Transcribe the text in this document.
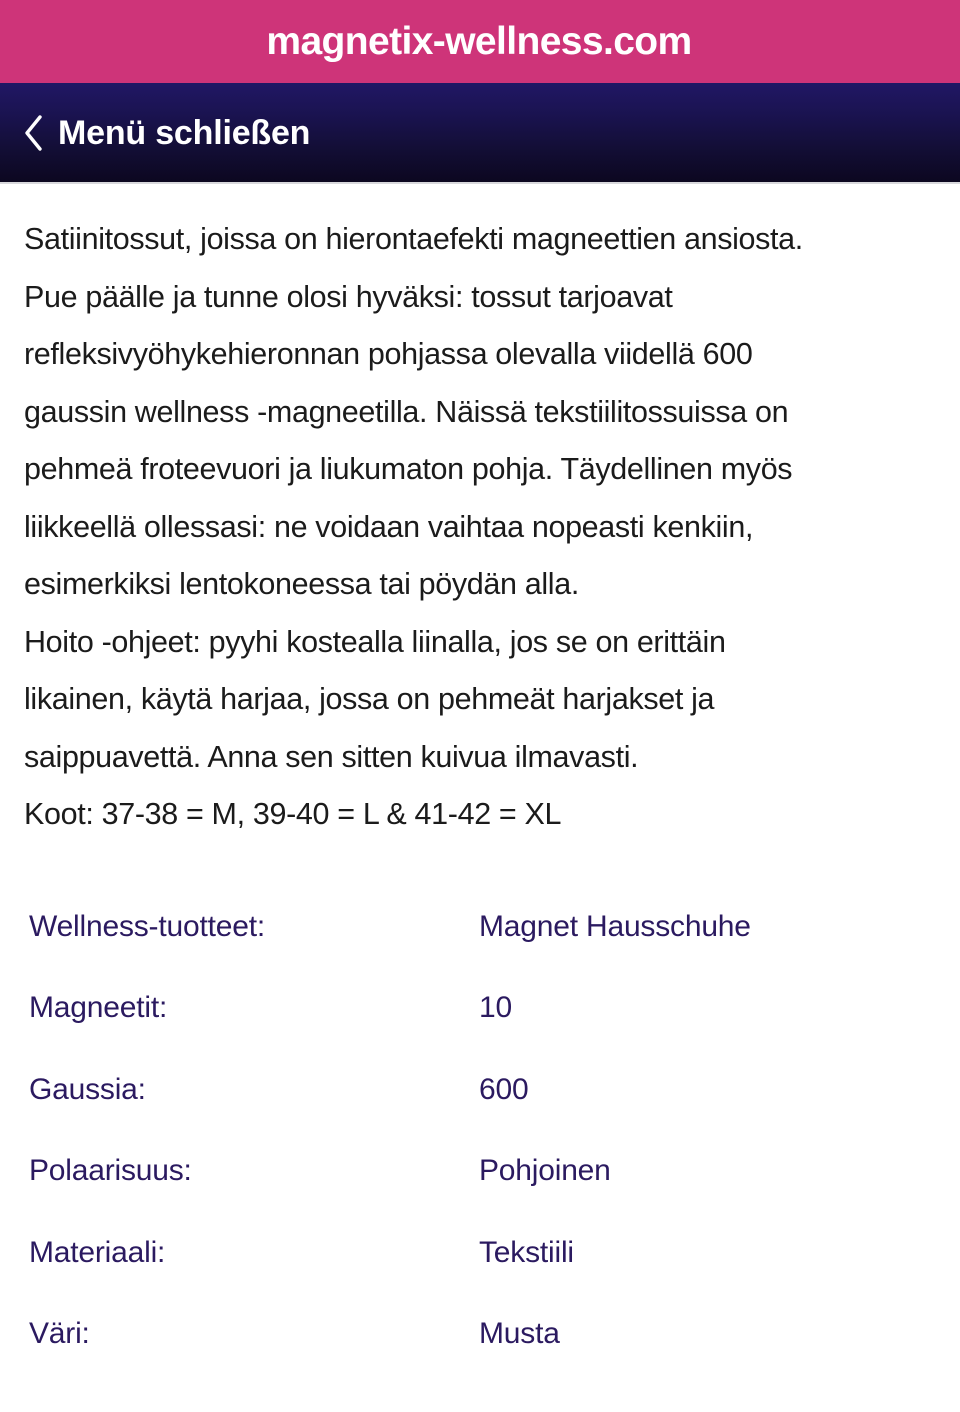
magnetix-wellness.com
Menü schließen

Satiinitossut, joissa on hierontaefekti magneettien ansiosta.
Pue päälle ja tunne olosi hyväksi: tossut tarjoavat
refleksivyöhykehieronnan pohjassa olevalla viidellä 600
gaussin wellness -magneetilla. Näissä tekstiilitossuissa on
pehmeä froteevuori ja liukumaton pohja. Täydellinen myös
liikkeellä ollessasi: ne voidaan vaihtaa nopeasti kenkiin,
esimerkiksi lentokoneessa tai pöydän alla.
Hoito -ohjeet: pyyhi kostealla liinalla, jos se on erittäin
likainen, käytä harjaa, jossa on pehmeät harjakset ja
saippuavettä. Anna sen sitten kuivua ilmavasti.
Koot: 37-38 = M, 39-40 = L & 41-42 = XL

Wellness-tuotteet:	Magnet Hausschuhe
Magneetit:	10
Gaussia:	600
Polaarisuus:	Pohjoinen
Materiaali:	Tekstiili
Väri:	Musta
